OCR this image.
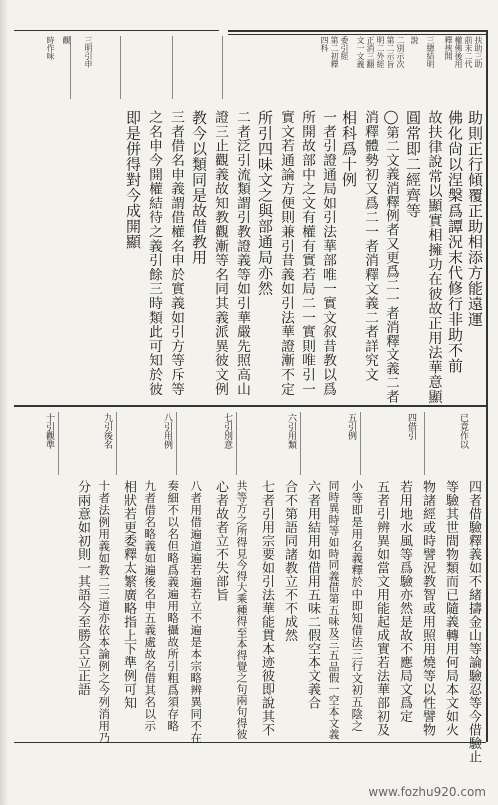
扶助三助
前末二代
權佛後用
釋挾開
三總結明
說
二別示次
第二示旨
明二外經
正消三翻
文一文義
委引經
第二初釋
四科
三明引申
觀
時作味
助則正行傾覆正助相添方能遠運
佛化尙以涅槃爲譚況末代修行非助不前
故扶律說常以顯實相擁功在彼故正用法華意顯
圓常即二經齊等
◯第二文義消釋例者又更爲二一者消釋文義二者
消釋體勢初又爲二一者消釋文義二者詳究文
相科爲十例
一者引證通局如引法華部唯一實文叙昔教以爲
所開故部中之文有權有實若局二一實則唯引一
實文若通論方便則兼引昔義如引法華證漸不定
所引四味文之與部通局亦然
二者泛引流類謂引教證義等如引華嚴先照高山
證三止觀義故知教觀漸等名同其義派異彼文例
教今以類同是故借教用
三者借名申義謂借權名申於實義如引方等斥等
之名申今開權結待之義引餘三時類此可知於彼
即是併得對今成開顯
已竟作以
四借引
五引例
六引用類
七引別意
八引用例
九引後名
十引觀準
四者借驗釋義如不緒擣金山等論驗忍等今借驗止
等驗其世間物類而已隨義轉用何局本文如火
物諸經或時譬況教智或用照用燒等以性譬物
若用地水風等爲驗亦然是故不應局文爲定
五者引辨異如當文用能起成實若法華部初及
小等即是用名義釋於中即知借法三行文初五陰之
同時異時等如時同義借第五味及三五品假一空本文義
六者用結用如借用五味二假空本文義合
合不第語同諸教立不不成然
七者引用宗要如引法華能貫本迹彼即說其不
共等方之所得見今得大乘種得至本得覺之句兩句得彼
心者故者立不失部旨
八者用借遍道遍若遍若立不遍是本宗略辨異同不在
奏細不以名但略爲義遍用略攝故所引粗爲須存略
九者借名略義如遍後名申五義處故名借其名以示
相狀若更委釋太繁廣略指上下準例可知
十者法例用義如教二三道亦依本論例之今列消用乃
分兩意如初則一其語今至勝合立正語
www.fozhu920.com
